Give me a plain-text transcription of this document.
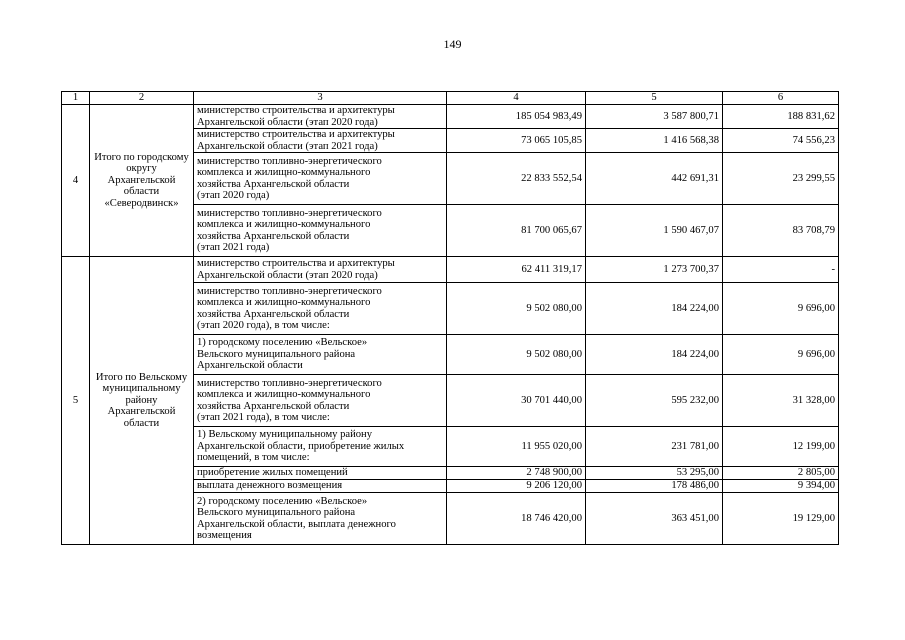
149
1	2	3	4	5	6
4	Итого по городскому округу Архангельской области «Северодвинск»	министерство строительства и архитектуры
Архангельской области (этап 2020 года)	185 054 983,49	3 587 800,71	188 831,62
		министерство строительства и архитектуры
Архангельской области (этап 2021 года)	73 065 105,85	1 416 568,38	74 556,23
		министерство топливно-энергетического
комплекса и жилищно-коммунального
хозяйства Архангельской области
(этап 2020 года)	22 833 552,54	442 691,31	23 299,55
		министерство топливно-энергетического
комплекса и жилищно-коммунального
хозяйства Архангельской области
(этап 2021 года)	81 700 065,67	1 590 467,07	83 708,79
5	Итого по Вельскому муниципальному району Архангельской области	министерство строительства и архитектуры
Архангельской области (этап 2020 года)	62 411 319,17	1 273 700,37	-
		министерство топливно-энергетического
комплекса и жилищно-коммунального
хозяйства Архангельской области
(этап 2020 года), в том числе:	9 502 080,00	184 224,00	9 696,00
		1) городскому поселению «Вельское»
Вельского муниципального района
Архангельской области	9 502 080,00	184 224,00	9 696,00
		министерство топливно-энергетического
комплекса и жилищно-коммунального
хозяйства Архангельской области
(этап 2021 года), в том числе:	30 701 440,00	595 232,00	31 328,00
		1) Вельскому муниципальному району
Архангельской области, приобретение жилых
помещений, в том числе:	11 955 020,00	231 781,00	12 199,00
		приобретение жилых помещений	2 748 900,00	53 295,00	2 805,00
		выплата денежного возмещения	9 206 120,00	178 486,00	9 394,00
		2) городскому поселению «Вельское»
Вельского муниципального района
Архангельской области, выплата денежного
возмещения	18 746 420,00	363 451,00	19 129,00
